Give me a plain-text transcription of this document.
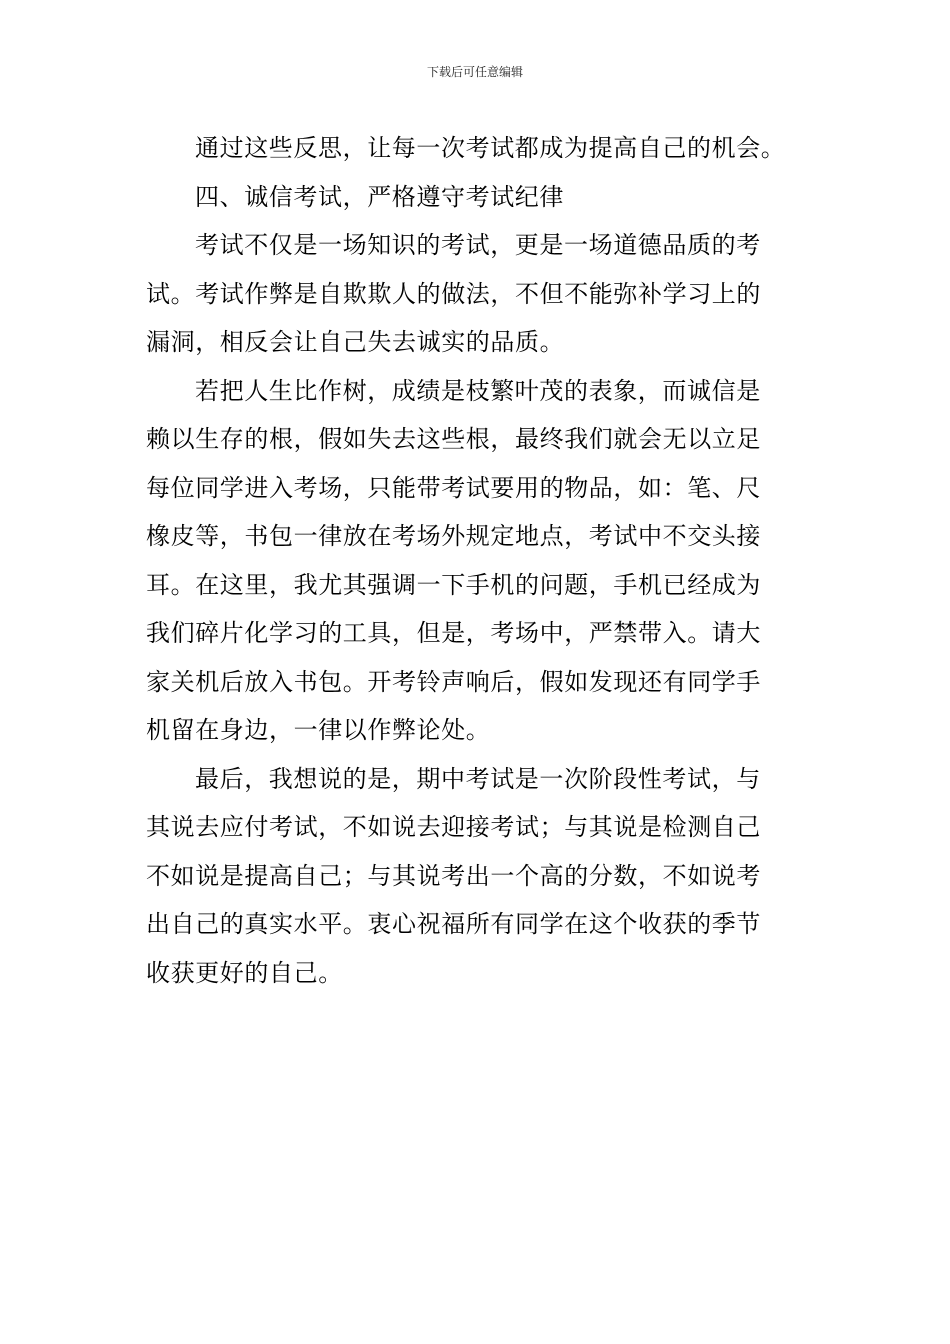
下载后可任意编辑
通过这些反思，让每一次考试都成为提高自己的机会。
四、诚信考试，严格遵守考试纪律
考试不仅是一场知识的考试，更是一场道德品质的考
试。考试作弊是自欺欺人的做法，不但不能弥补学习上的
漏洞，相反会让自己失去诚实的品质。
若把人生比作树，成绩是枝繁叶茂的表象，而诚信是
赖以生存的根，假如失去这些根，最终我们就会无以立足
每位同学进入考场，只能带考试要用的物品，如：笔、尺
橡皮等，书包一律放在考场外规定地点，考试中不交头接
耳。在这里，我尤其强调一下手机的问题，手机已经成为
我们碎片化学习的工具，但是，考场中，严禁带入。请大
家关机后放入书包。开考铃声响后，假如发现还有同学手
机留在身边，一律以作弊论处。
最后，我想说的是，期中考试是一次阶段性考试，与
其说去应付考试，不如说去迎接考试；与其说是检测自己
不如说是提高自己；与其说考出一个高的分数，不如说考
出自己的真实水平。衷心祝福所有同学在这个收获的季节
收获更好的自己。
